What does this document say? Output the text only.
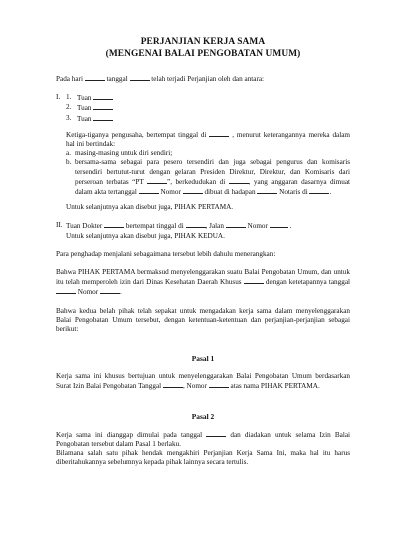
PERJANJIAN KERJA SAMA
(MENGENAI BALAI PENGOBATAN UMUM)

Pada hari	tanggal	telah terjadi Perjanjian oleh dan antara:

I. 1. Tuan
2. Tuan
3. Tuan

Ketiga-tiganya pengusaha, bertempat tinggal di	, menurut keterangannya mereka dalam hal ini bertindak:

a. masing-masing untuk diri sendiri;

b. bersama-sama sebagai para pesero tersendiri dan juga sebagai pengurus dan komisaris tersendiri bertutut-turut dengan gelaran Presiden Direktur, Direktur, dan Komisaris dari perseroan terbatas “PT	”, berkedudukan di	, yang anggaran dasarnya dimuat dalam akta tertanggal	Nomor	dibuat di hadapan	Notaris di	.

Untuk selanjutnya akan disebut juga, PIHAK PERTAMA.

II. Tuan Dokter	bertempat tinggal di	, Jalan	Nomor	.

Untuk selanjutnya akan disebut juga, PIHAK KEDUA.

Para penghadap menjalani sebagaimana tersebut lebih dahulu menerangkan:

Bahwa PIHAK PERTAMA bermaksud menyelenggarakan suatu Balai Pengobatan Umum, dan untuk itu telah memperoleh izin dari Dinas Kesehatan Daerah Khusus	dengan ketetapannya tanggal  Nomor	.

Bahwa kedua belah pihak telah sepakat untuk mengadakan kerja sama dalam menyelenggarakan Balai Pengobatan Umum tersebut, dengan ketentuan-ketentuan dan perjanjian-perjanjian sebagai berikut:

Pasal 1

Kerja sama ini khusus bertujuan untuk menyelenggarakan Balai Pengobatan Umum berdasarkan Surat Izin Balai Pengobatan Tanggal	, Nomor	atas nama PIHAK PERTAMA.

Pasal 2

Kerja sama ini dianggap dimulai pada tanggal	dan diadakan untuk selama Izin Balai Pengobatan tersebut dalam Pasal 1 berlaku.

Bilamana salah satu pihak hendak mengakhiri Perjanjian Kerja Sama Ini, maka hal itu harus diberitahukannya sebelumnya kepada pihak lainnya secara tertulis.
